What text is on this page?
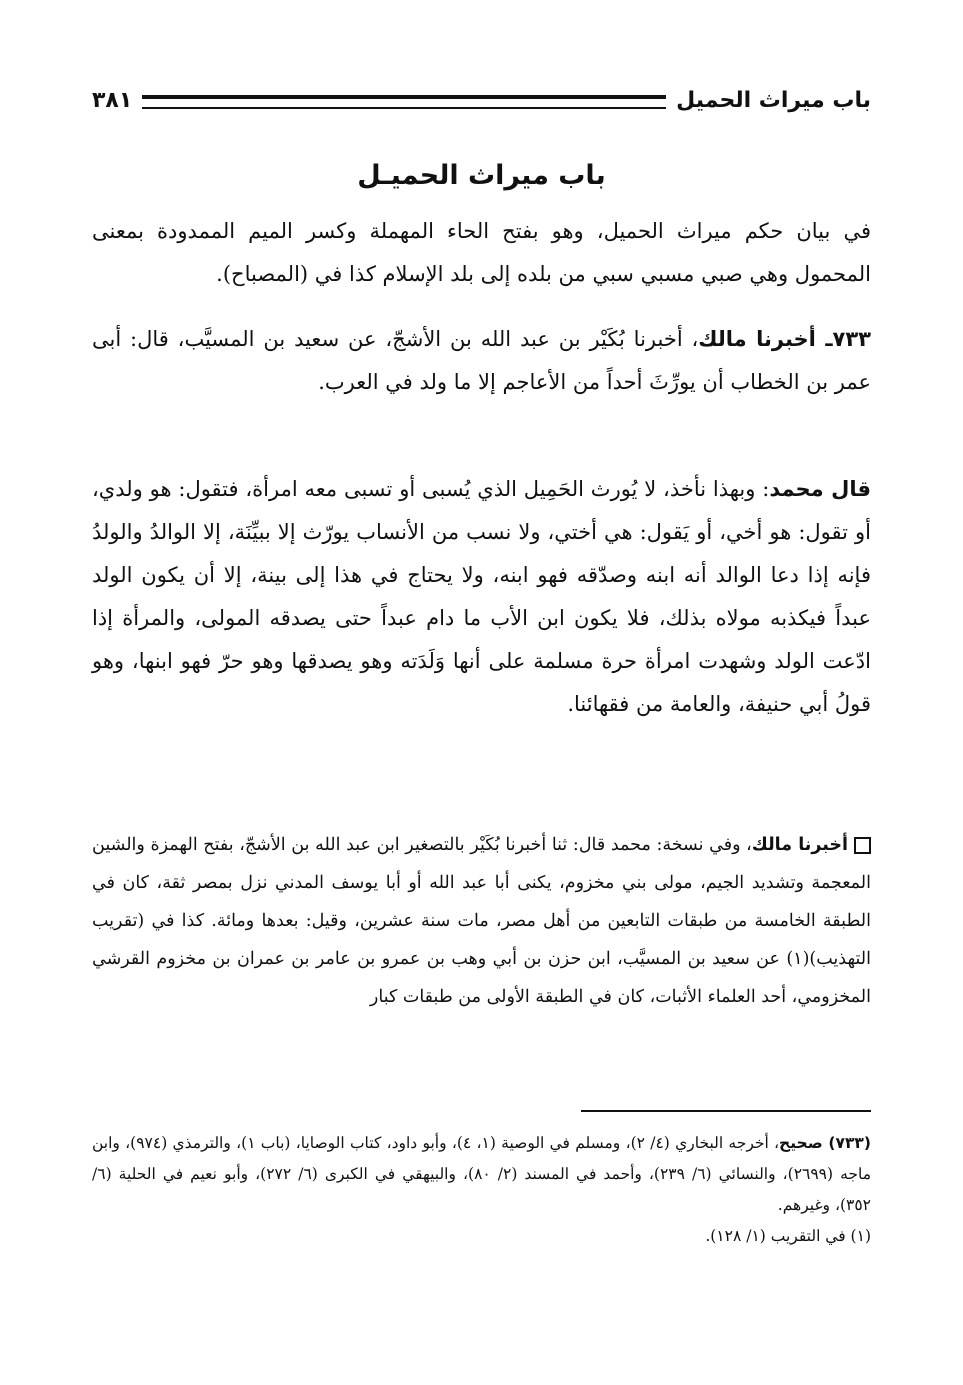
باب ميراث الحميل
٣٨١
باب ميراث الحميـل

في بيان حكم ميراث الحميل، وهو بفتح الحاء المهملة وكسر الميم الممدودة بمعنى المحمول وهي صبي مسبي سبي من بلده إلى بلد الإسلام كذا في (المصباح).

٧٣٣ـ أخبرنا مالك، أخبرنا بُكَيْر بن عبد الله بن الأشجّ، عن سعيد بن المسيَّب، قال: أبى عمر بن الخطاب أن يورِّثَ أحداً من الأعاجم إلا ما ولد في العرب.

قال محمد: وبهذا نأخذ، لا يُورث الحَمِيل الذي يُسبى أو تسبى معه امرأة، فتقول: هو ولدي، أو تقول: هو أخي، أو يَقول: هي أختي، ولا نسب من الأنساب يورّث إلا ببيِّنَة، إلا الوالدُ والولدُ فإنه إذا دعا الوالد أنه ابنه وصدّقه فهو ابنه، ولا يحتاج في هذا إلى بينة، إلا أن يكون الولد عبداً فيكذبه مولاه بذلك، فلا يكون ابن الأب ما دام عبداً حتى يصدقه المولى، والمرأة إذا ادّعت الولد وشهدت امرأة حرة مسلمة على أنها وَلَدَته وهو يصدقها وهو حرّ فهو ابنها، وهو قولُ أبي حنيفة، والعامة من فقهائنا.

أخبرنا مالك، وفي نسخة: محمد قال: ثنا أخبرنا بُكَيْر بالتصغير ابن عبد الله بن الأشجّ، بفتح الهمزة والشين المعجمة وتشديد الجيم، مولى بني مخزوم، يكنى أبا عبد الله أو أبا يوسف المدني نزل بمصر ثقة، كان في الطبقة الخامسة من طبقات التابعين من أهل مصر، مات سنة عشرين، وقيل: بعدها ومائة. كذا في (تقريب التهذيب)(١) عن سعيد بن المسيَّب، ابن حزن بن أبي وهب بن عمرو بن عامر بن عمران بن مخزوم القرشي المخزومي، أحد العلماء الأثبات، كان في الطبقة الأولى من طبقات كبار

(٧٣٣) صحيح، أخرجه البخاري (٤/ ٢)، ومسلم في الوصية (١، ٤)، وأبو داود، كتاب الوصايا، (باب ١)، والترمذي (٩٧٤)، وابن ماجه (٢٦٩٩)، والنسائي (٦/ ٢٣٩)، وأحمد في المسند (٢/ ٨٠)، والبيهقي في الكبرى (٦/ ٢٧٢)، وأبو نعيم في الحلية (٦/ ٣٥٢)، وغيرهم.

(١) في التقريب (١/ ١٢٨).
